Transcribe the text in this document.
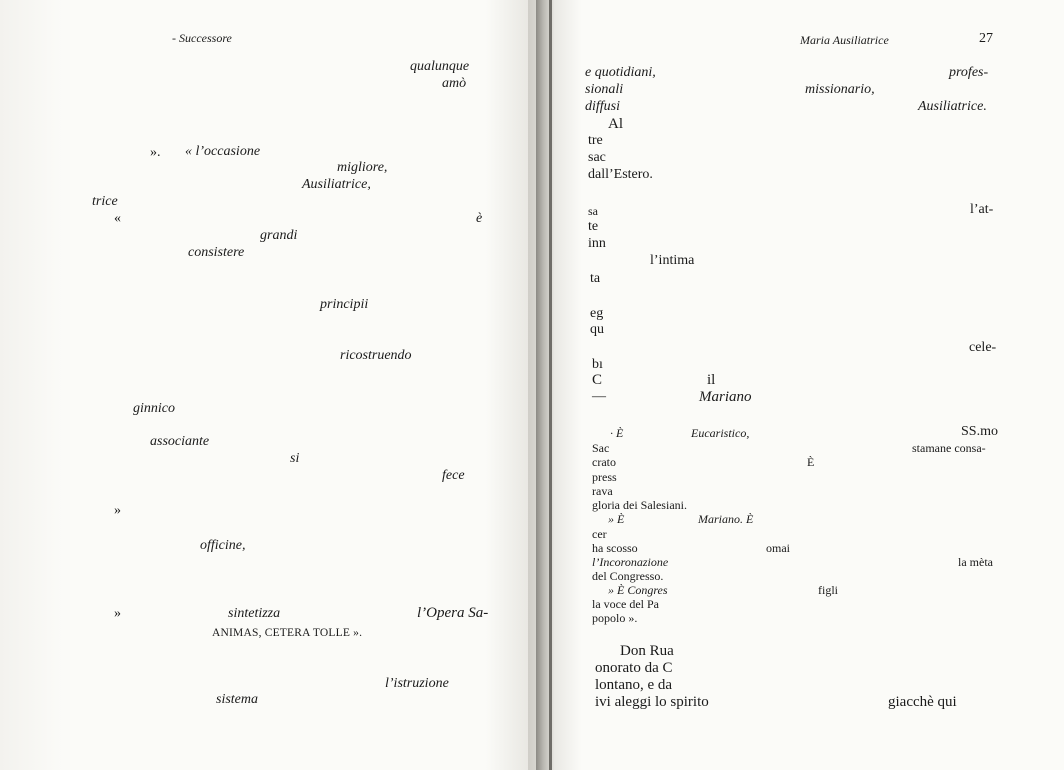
- Successore
qualunque
amò
». « l’occasione
migliore,
Ausiliatrice,
trice
«	è
grandi
consistere
principii
ricostruendo
ginnico
associante
si
fece
»
officine,
»	sintetizza	l’Opera Sa-
ANIMAS, CETERA TOLLE ».
l’istruzione
sistema
Maria Ausiliatrice	27
e quotidiani,	profes-
sionali	missionario,
diffusi	Ausiliatrice.
Al
tre
sac
dall’Estero.
sa	l’at-
te
inn
l’intima
ta
eg
qu
cele-
bı
C	il
—	Mariano
· È	Eucaristico,	SS.mo
Sac	stamane consa-
crato	È
press
rava
gloria dei Salesiani.
» È	Mariano. È
cer
ha scosso	omai
l’Incoronazione	la mèta
del Congresso.
» È Congres	figli
la voce del Pa
popolo ».
Don Rua
onorato da C
lontano, e da
ivi aleggi lo spirito	giacchè qui
